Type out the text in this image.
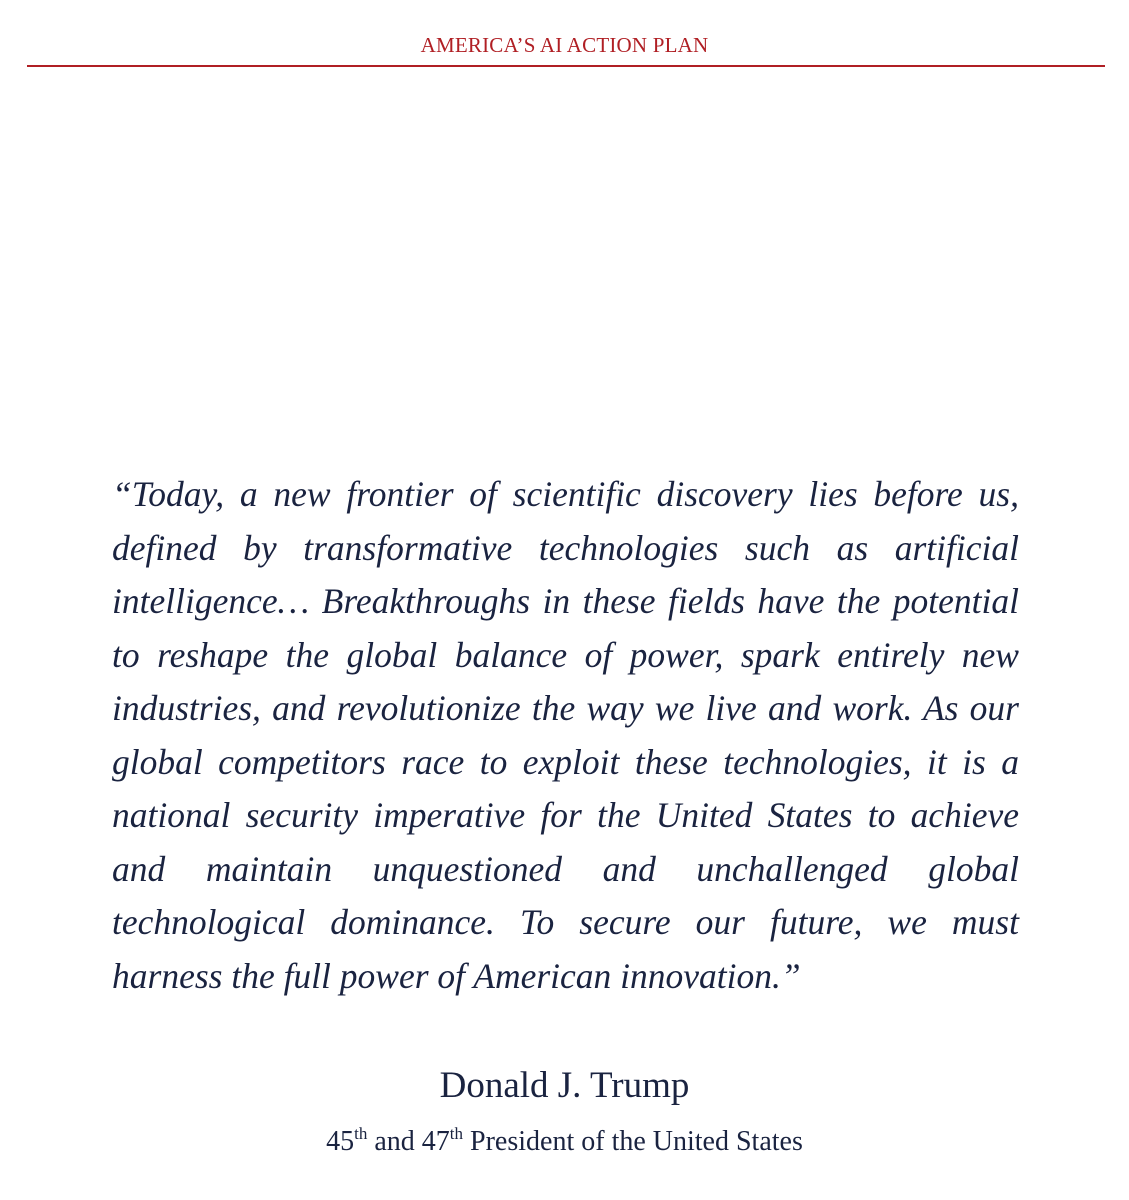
AMERICA’S AI ACTION PLAN

“Today, a new frontier of scientific discovery lies before us, defined by transformative technologies such as artificial intelligence… Breakthroughs in these fields have the potential to reshape the global balance of power, spark entirely new industries, and revolutionize the way we live and work. As our global competitors race to exploit these technologies, it is a national security imperative for the United States to achieve and maintain unquestioned and unchallenged global technological dominance. To secure our future, we must harness the full power of American innovation.”

Donald J. Trump
45th and 47th President of the United States
